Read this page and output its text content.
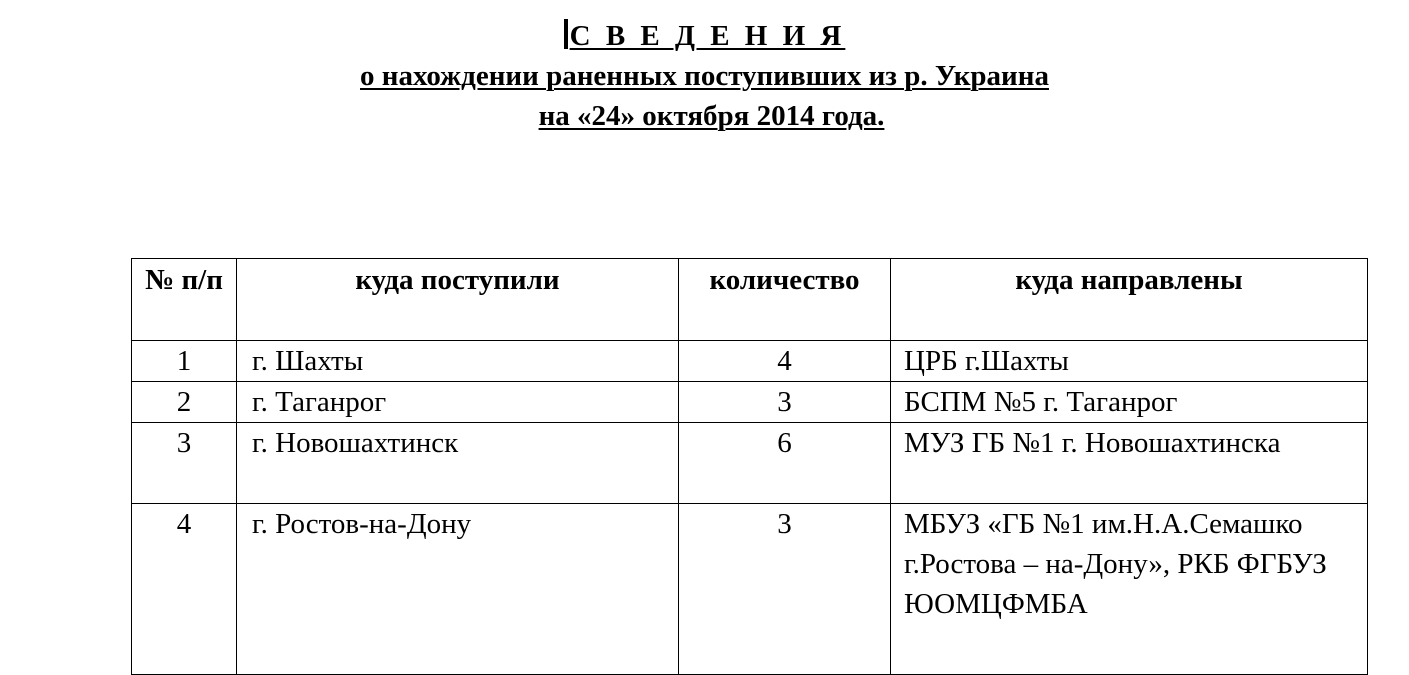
С В Е Д Е Н И Я
о нахождении раненных поступивших из р. Украина
на «24» октября 2014 года.
№ п/п	куда поступили	количество	куда направлены
1	г. Шахты	4	ЦРБ г.Шахты
2	г. Таганрог	3	БСПМ №5 г. Таганрог
3	г. Новошахтинск	6	МУЗ ГБ №1 г. Новошахтинска
4	г. Ростов-на-Дону	3	МБУЗ «ГБ №1 им.Н.А.Семашко г.Ростова – на-Дону», РКБ ФГБУЗ ЮОМЦФМБА
